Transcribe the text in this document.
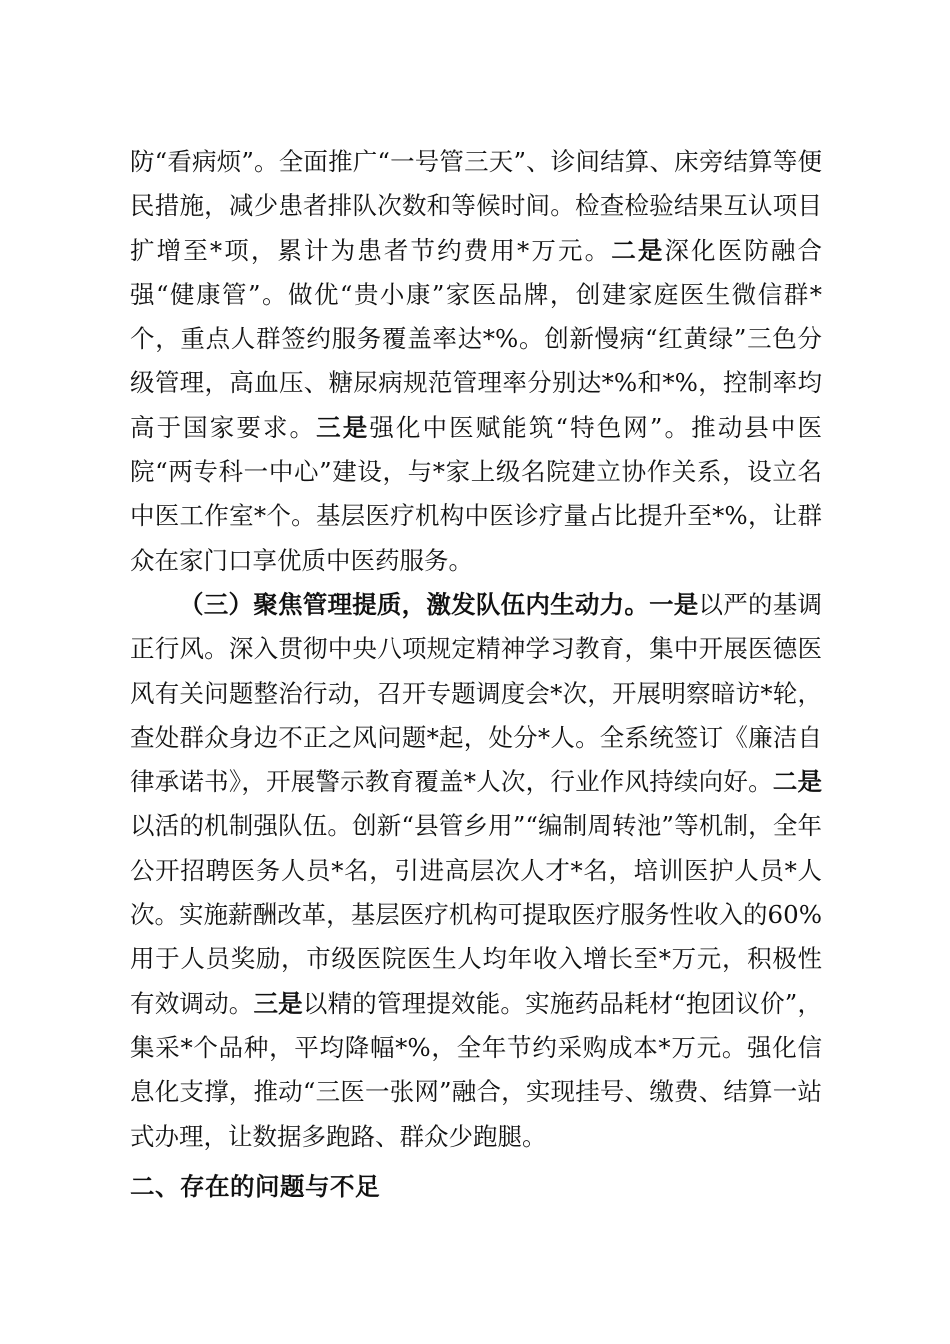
防“看病烦”。全面推广“一号管三天”、诊间结算、床旁结算等便民措施，减少患者排队次数和等候时间。检查检验结果互认项目扩增至*项，累计为患者节约费用*万元。二是深化医防融合强“健康管”。做优“贵小康”家医品牌，创建家庭医生微信群*个，重点人群签约服务覆盖率达*%。创新慢病“红黄绿”三色分级管理，高血压、糖尿病规范管理率分别达*%和*%，控制率均高于国家要求。三是强化中医赋能筑“特色网”。推动县中医院“两专科一中心”建设，与*家上级名院建立协作关系，设立名中医工作室*个。基层医疗机构中医诊疗量占比提升至*%，让群众在家门口享优质中医药服务。

（三）聚焦管理提质，激发队伍内生动力。一是以严的基调正行风。深入贯彻中央八项规定精神学习教育，集中开展医德医风有关问题整治行动，召开专题调度会*次，开展明察暗访*轮，查处群众身边不正之风问题*起，处分*人。全系统签订《廉洁自律承诺书》，开展警示教育覆盖*人次，行业作风持续向好。二是以活的机制强队伍。创新“县管乡用”“编制周转池”等机制，全年公开招聘医务人员*名，引进高层次人才*名，培训医护人员*人次。实施薪酬改革，基层医疗机构可提取医疗服务性收入的60%用于人员奖励，市级医院医生人均年收入增长至*万元，积极性有效调动。三是以精的管理提效能。实施药品耗材“抱团议价”，集采*个品种，平均降幅*%，全年节约采购成本*万元。强化信息化支撑，推动“三医一张网”融合，实现挂号、缴费、结算一站式办理，让数据多跑路、群众少跑腿。

二、存在的问题与不足
